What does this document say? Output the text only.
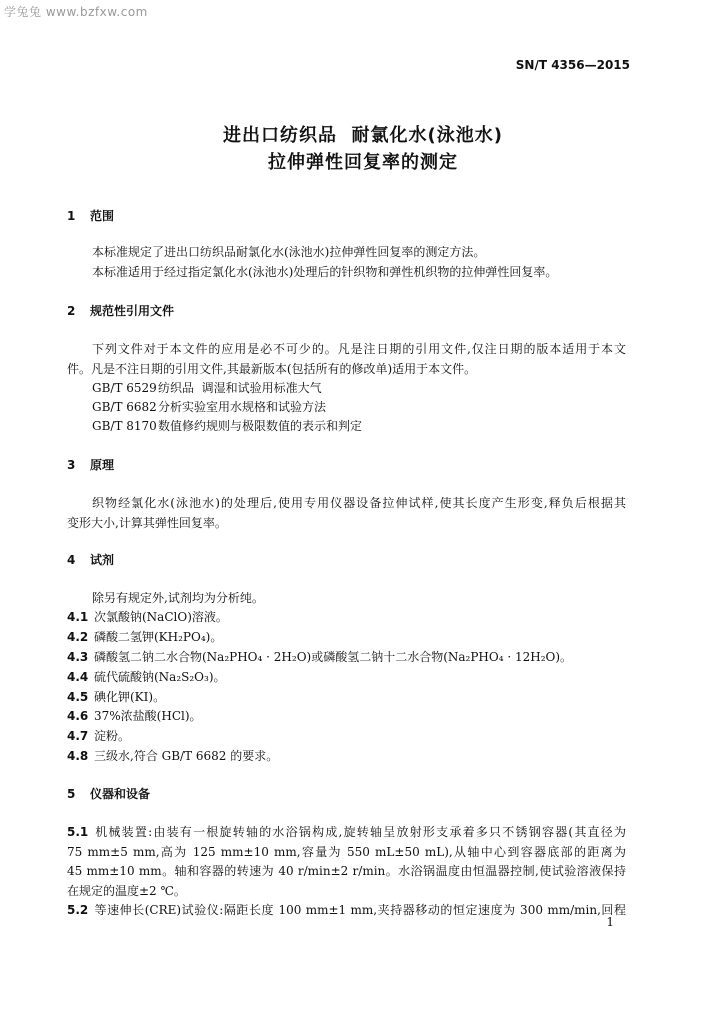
学兔兔 www.bzfxw.com
SN/T 4356—2015
进出口纺织品  耐氯化水(泳池水)
拉伸弹性回复率的测定
1 范围
本标准规定了进出口纺织品耐氯化水(泳池水)拉伸弹性回复率的测定方法。
本标准适用于经过指定氯化水(泳池水)处理后的针织物和弹性机织物的拉伸弹性回复率。
2 规范性引用文件
下列文件对于本文件的应用是必不可少的。凡是注日期的引用文件,仅注日期的版本适用于本文
件。凡是不注日期的引用文件,其最新版本(包括所有的修改单)适用于本文件。
GB/T 6529纺织品  调湿和试验用标准大气
GB/T 6682分析实验室用水规格和试验方法
GB/T 8170数值修约规则与极限数值的表示和判定
3 原理
织物经氯化水(泳池水)的处理后,使用专用仪器设备拉伸试样,使其长度产生形变,释负后根据其
变形大小,计算其弹性回复率。
4 试剂
除另有规定外,试剂均为分析纯。
4.1 次氯酸钠(NaClO)溶液。
4.2 磷酸二氢钾(KH₂PO₄)。
4.3 磷酸氢二钠二水合物(Na₂PHO₄ · 2H₂O)或磷酸氢二钠十二水合物(Na₂PHO₄ · 12H₂O)。
4.4 硫代硫酸钠(Na₂S₂O₃)。
4.5 碘化钾(KI)。
4.6 37%浓盐酸(HCl)。
4.7 淀粉。
4.8 三级水,符合 GB/T 6682 的要求。
5 仪器和设备
5.1 机械装置:由装有一根旋转轴的水浴锅构成,旋转轴呈放射形支承着多只不锈钢容器(其直径为
75 mm±5 mm,高为 125 mm±10 mm,容量为 550 mL±50 mL),从轴中心到容器底部的距离为
45 mm±10 mm。轴和容器的转速为 40 r/min±2 r/min。水浴锅温度由恒温器控制,使试验溶液保持
在规定的温度±2 ℃。
5.2 等速伸长(CRE)试验仪:隔距长度 100 mm±1 mm,夹持器移动的恒定速度为 300 mm/min,回程
1
